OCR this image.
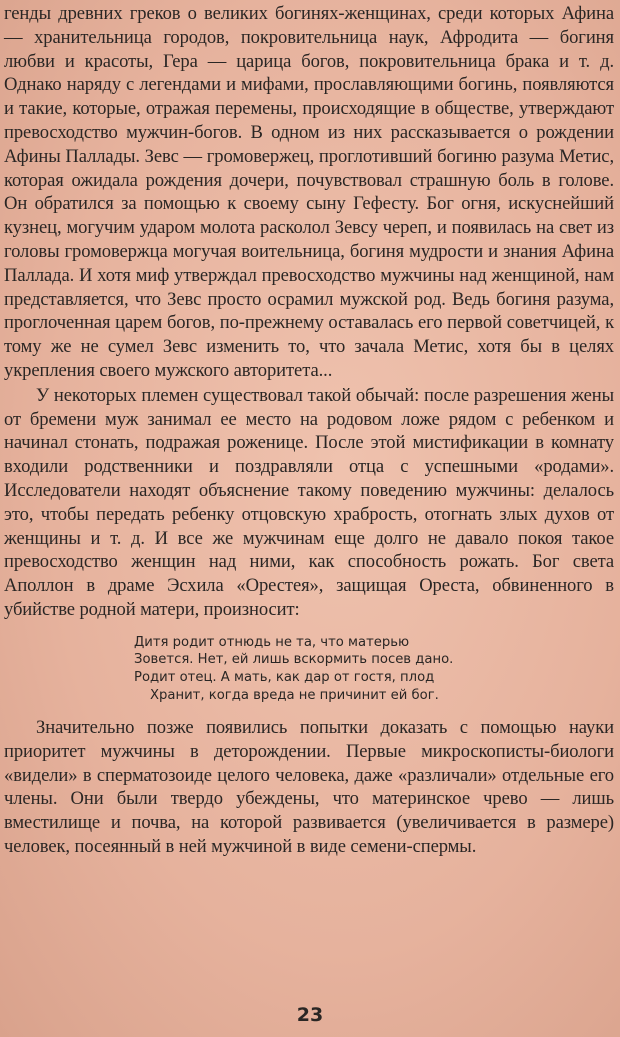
генды древних греков о великих богинях-женщинах, среди которых Афина — хранительница городов, покровительница наук, Афродита — богиня любви и красоты, Гера — царица богов, покровительница брака и т. д. Однако наряду с легендами и мифами, прославляющими богинь, появляются и такие, которые, отражая перемены, происходящие в обществе, утверждают превосходство мужчин-богов. В одном из них рассказывается о рождении Афины Паллады. Зевс — громовержец, проглотивший богиню разума Метис, которая ожидала рождения дочери, почувствовал страшную боль в голове. Он обратился за помощью к своему сыну Гефесту. Бог огня, искуснейший кузнец, могучим ударом молота расколол Зевсу череп, и появилась на свет из головы громовержца могучая воительница, богиня мудрости и знания Афина Паллада. И хотя миф утверждал превосходство мужчины над женщиной, нам представляется, что Зевс просто осрамил мужской род. Ведь богиня разума, проглоченная царем богов, по-прежнему оставалась его первой советчицей, к тому же не сумел Зевс изменить то, что зачала Метис, хотя бы в целях укрепления своего мужского авторитета...

У некоторых племен существовал такой обычай: после разрешения жены от бремени муж занимал ее место на родовом ложе рядом с ребенком и начинал стонать, подражая роженице. После этой мистификации в комнату входили родственники и поздравляли отца с успешными «родами». Исследователи находят объяснение такому поведению мужчины: делалось это, чтобы передать ребенку отцовскую храбрость, отогнать злых духов от женщины и т. д. И все же мужчинам еще долго не давало покоя такое превосходство женщин над ними, как способность рожать. Бог света Аполлон в драме Эсхила «Орестея», защищая Ореста, обвиненного в убийстве родной матери, произносит:

Дитя родит отнюдь не та, что матерью
Зовется. Нет, ей лишь вскормить посев дано.
Родит отец. А мать, как дар от гостя, плод
Хранит, когда вреда не причинит ей бог.

Значительно позже появились попытки доказать с помощью науки приоритет мужчины в деторождении. Первые микроскописты-биологи «видели» в сперматозоиде целого человека, даже «различали» отдельные его члены. Они были твердо убеждены, что материнское чрево — лишь вместилище и почва, на которой развивается (увеличивается в размере) человек, посеянный в ней мужчиной в виде семени-спермы.

23
